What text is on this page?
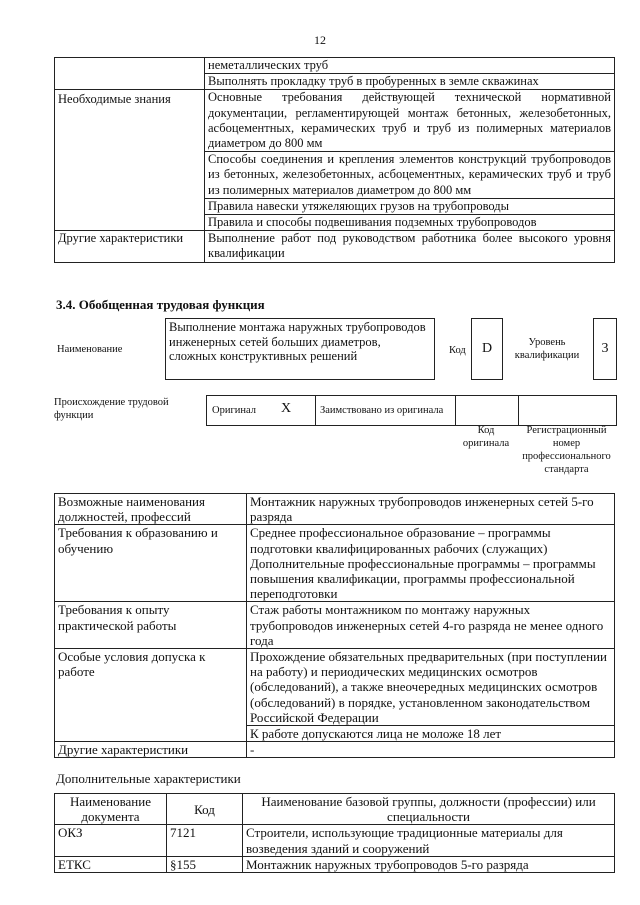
12
	неметаллических труб
	Выполнять прокладку труб в пробуренных в земле скважинах
Необходимые знания	Основные требования действующей технической нормативной документации, регламентирующей монтаж бетонных, железобетонных, асбоцементных, керамических труб и труб из полимерных материалов диаметром до 800 мм
	Способы соединения и крепления элементов конструкций трубопроводов из бетонных, железобетонных, асбоцементных, керамических труб и труб из полимерных материалов диаметром до 800 мм
	Правила навески утяжеляющих грузов на трубопроводы
	Правила и способы подвешивания подземных трубопроводов
Другие характеристики	Выполнение работ под руководством работника более высокого уровня квалификации
3.4. Обобщенная трудовая функция
Наименование
Выполнение монтажа наружных трубопроводов инженерных сетей больших диаметров, сложных конструктивных решений	Код	D	Уровень квалификации	3
Происхождение трудовой функции	Оригинал X	Заимствовано из оригинала
Код оригинала
Регистрационный номер профессионального стандарта
Возможные наименования должностей, профессий	Монтажник наружных трубопроводов инженерных сетей 5-го разряда
Требования к образованию и обучению	Среднее профессиональное образование – программы подготовки квалифицированных рабочих (служащих) Дополнительные профессиональные программы – программы повышения квалификации, программы профессиональной переподготовки
Требования к опыту практической работы	Стаж работы монтажником по монтажу наружных трубопроводов инженерных сетей 4-го разряда не менее одного года
Особые условия допуска к работе	Прохождение обязательных предварительных (при поступлении на работу) и периодических медицинских осмотров (обследований), а также внеочередных медицинских осмотров (обследований) в порядке, установленном законодательством Российской Федерации
	К работе допускаются лица не моложе 18 лет
Другие характеристики	-
Дополнительные характеристики
Наименование документа	Код	Наименование базовой группы, должности (профессии) или специальности
ОКЗ	7121	Строители, использующие традиционные материалы для возведения зданий и сооружений
ЕТКС	§155	Монтажник наружных трубопроводов 5-го разряда
